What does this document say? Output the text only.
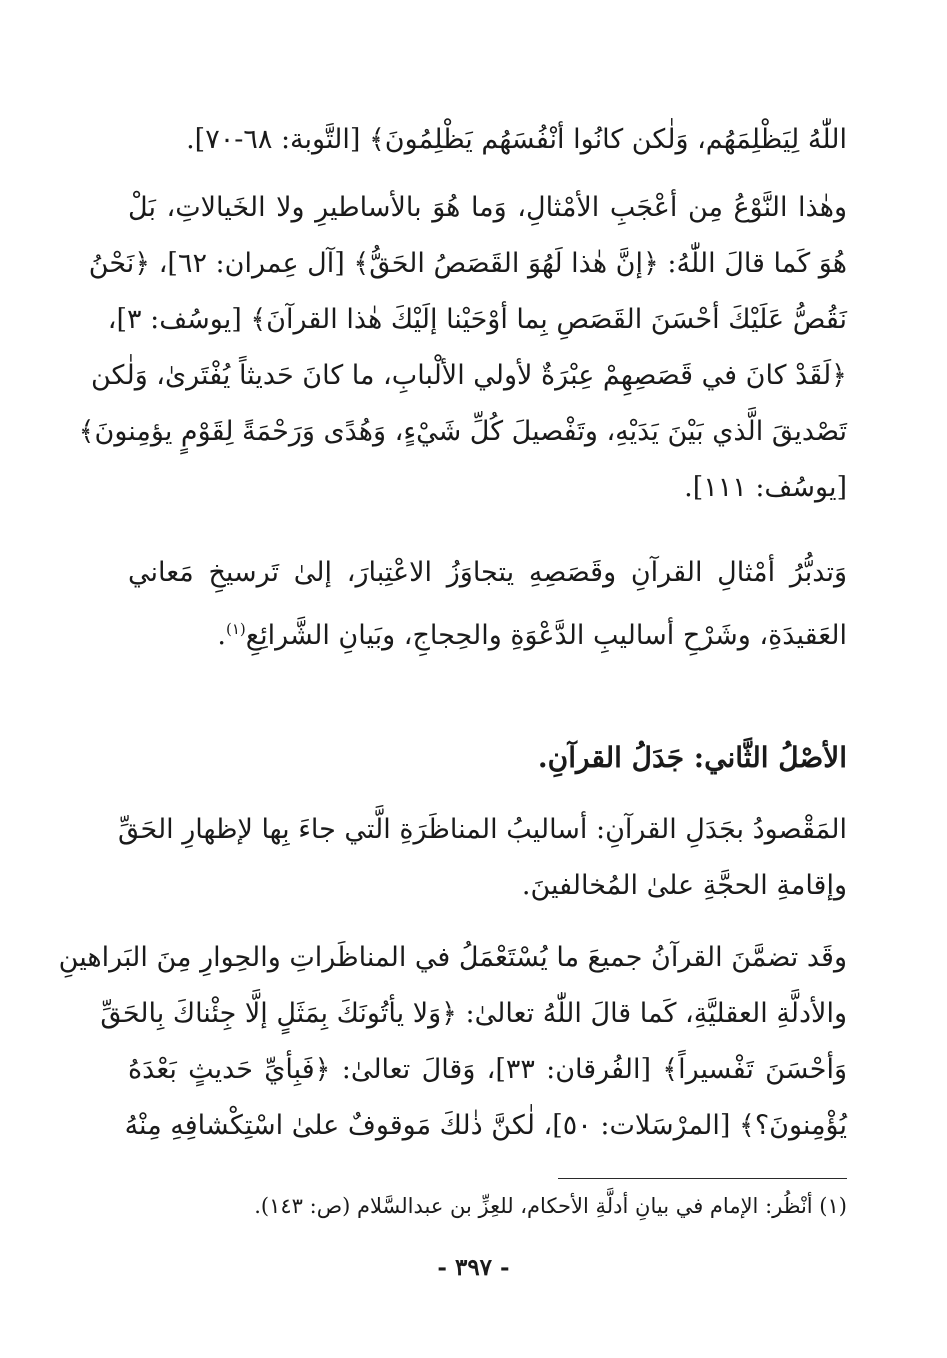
اللّٰهُ لِيَظْلِمَهُم، وَلٰكن كانُوا أنْفُسَهُم يَظْلِمُونَ﴾ [التَّوبة: ٦٨-٧٠].
وهٰذا النَّوْعُ مِن أعْجَبِ الأمْثالِ، وَما هُوَ بالأساطيرِ ولا الخَيالاتِ، بَلْ
هُوَ كَما قالَ اللّٰهُ: ﴿إنَّ هٰذا لَهُوَ القَصَصُ الحَقُّ﴾ [آل عِمران: ٦٢]، ﴿نَحْنُ
نَقُصُّ عَلَيْكَ أحْسَنَ القَصَصِ بِما أوْحَيْنا إلَيْكَ هٰذا القرآنَ﴾ [يوسُف: ٣]،
﴿لَقَدْ كانَ في قَصَصِهِمْ عِبْرَةٌ لأولي الألْبابِ، ما كانَ حَديثاً يُفْتَرىٰ، وَلٰكن
تَصْديقَ الَّذي بَيْنَ يَدَيْهِ، وتَفْصيلَ كُلِّ شَيْءٍ، وَهُدًى وَرَحْمَةً لِقَوْمٍ يؤمِنونَ﴾
[يوسُف: ١١١].
وَتدبُّرُ أمْثالِ القرآنِ وقَصَصِهِ يتجاوَزُ الاعْتِبارَ، إلىٰ تَرسيخِ مَعاني
العَقيدَةِ، وشَرْحِ أساليبِ الدَّعْوَةِ والحِجاجِ، وبَيانِ الشَّرائِعِ$^{(١)}$.
الأصْلُ الثَّاني: جَدَلُ القرآنِ.
المَقْصودُ بجَدَلِ القرآنِ: أساليبُ المناظَرَةِ الَّتي جاءَ بِها لإظهارِ الحَقِّ
وإقامةِ الحجَّةِ علىٰ المُخالفينَ.
وقَد تضمَّنَ القرآنُ جميعَ ما يُسْتَعْمَلُ في المناظَراتِ والحِوارِ مِنَ البَراهينِ
والأدلَّةِ العقليَّةِ، كَما قالَ اللّٰهُ تعالىٰ: ﴿وَلا يأتُونَكَ بِمَثَلٍ إلَّا جِئْناكَ بِالحَقِّ
وَأحْسَنَ تَفْسيراً﴾ [الفُرقان: ٣٣]، وَقالَ تعالىٰ: ﴿فَبِأيِّ حَديثٍ بَعْدَهُ
يُؤْمِنونَ؟﴾ [المرْسَلات: ٥٠]، لٰكنَّ ذٰلكَ مَوقوفٌ علىٰ اسْتِكْشافِهِ مِنْهُ
(١) أنْظُر: الإمام في بيانِ أدلَّةِ الأحكام، للعِزِّ بن عبدالسَّلام (ص: ١٤٣).
- ٣٩٧ -
